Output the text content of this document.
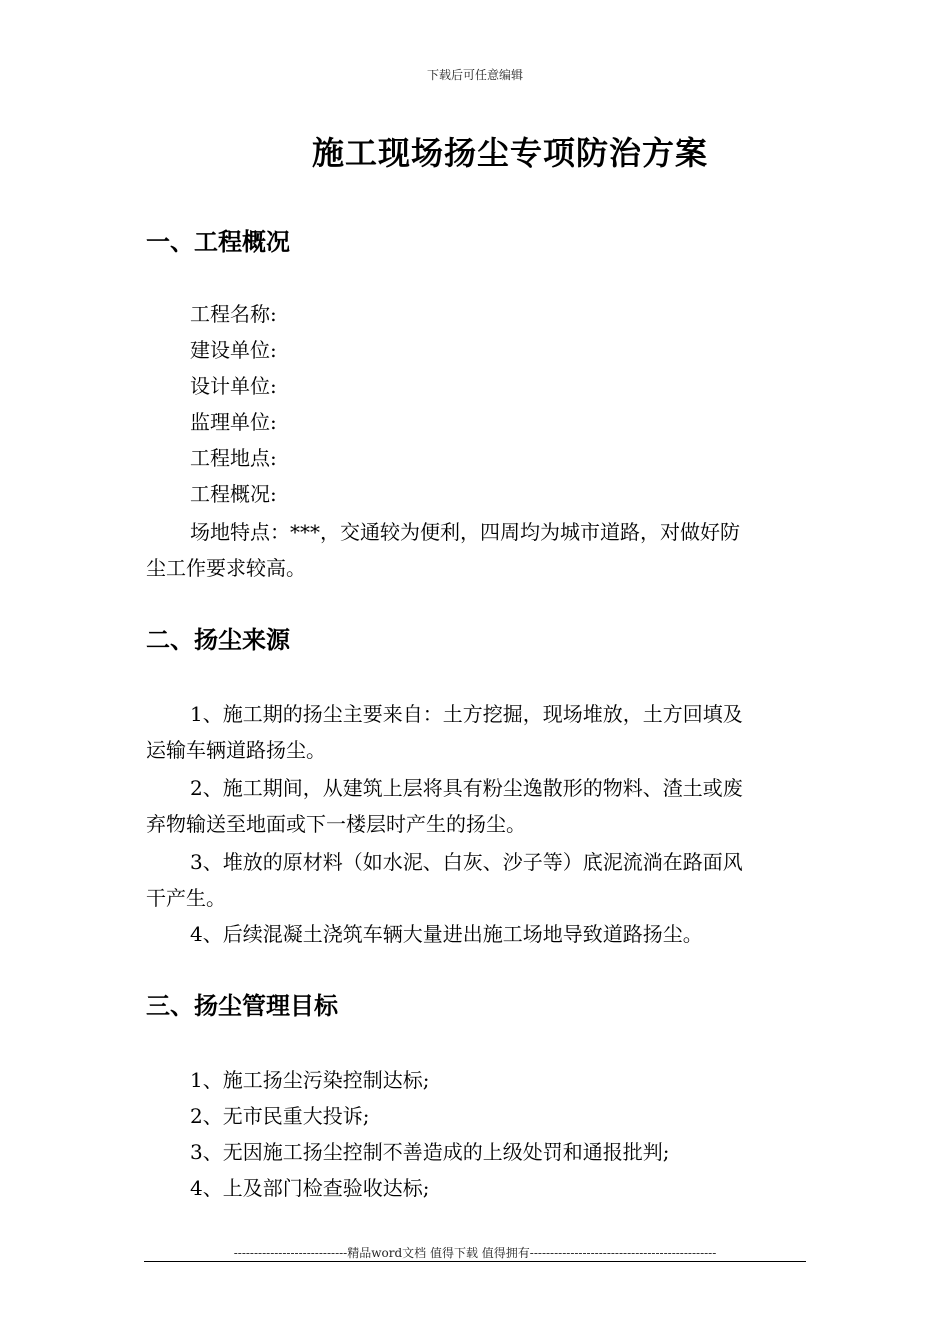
下载后可任意编辑
施工现场扬尘专项防治方案
一、工程概况
工程名称:
建设单位:
设计单位:
监理单位:
工程地点:
工程概况:
场地特点：***，交通较为便利，四周均为城市道路，对做好防
尘工作要求较高。
二、扬尘来源
1、施工期的扬尘主要来自：土方挖掘，现场堆放，土方回填及
运输车辆道路扬尘。
2、施工期间，从建筑上层将具有粉尘逸散形的物料、渣土或废
弃物输送至地面或下一楼层时产生的扬尘。
3、堆放的原材料（如水泥、白灰、沙子等）底泥流淌在路面风
干产生。
4、后续混凝土浇筑车辆大量进出施工场地导致道路扬尘。
三、扬尘管理目标
1、施工扬尘污染控制达标;
2、无市民重大投诉;
3、无因施工扬尘控制不善造成的上级处罚和通报批判;
4、上及部门检查验收达标;
----------------------------精品word文档 值得下载 值得拥有----------------------------------------------
